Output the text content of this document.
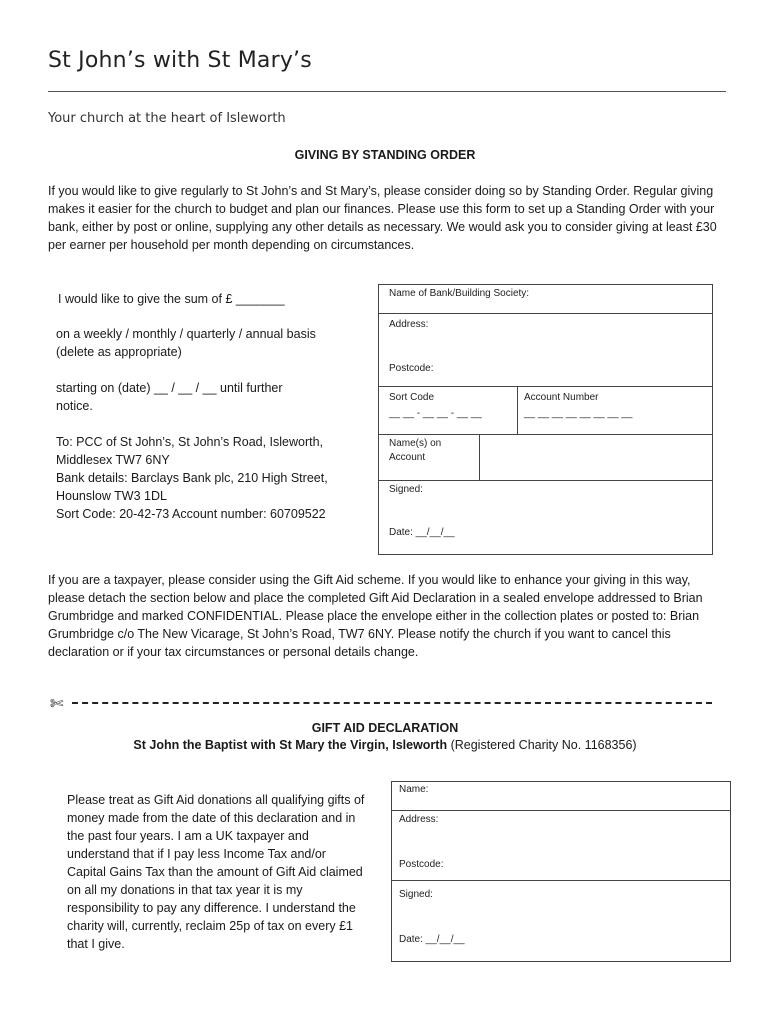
St John’s with St Mary’s
Your church at the heart of Isleworth
GIVING BY STANDING ORDER
If you would like to give regularly to St John’s and St Mary’s, please consider doing so by Standing Order. Regular giving makes it easier for the church to budget and plan our finances. Please use this form to set up a Standing Order with your bank, either by post or online, supplying any other details as necessary. We would ask you to consider giving at least £30 per earner per household per month depending on circumstances.
I would like to give the sum of £ _______
on a weekly / monthly / quarterly / annual basis
(delete as appropriate)
starting on (date) __ / __ / __ until further
notice.
To: PCC of St John’s, St John’s Road, Isleworth,
Middlesex TW7 6NY
Bank details: Barclays Bank plc, 210 High Street,
Hounslow TW3 1DL
Sort Code: 20-42-73 Account number: 60709522
Name of Bank/Building Society:
Address:
Postcode:
Sort Code
__ __ - __ __ - __ __
Account Number
__ __ __ __ __ __ __ __
Name(s) on
Account
Signed:
Date: __/__/__
If you are a taxpayer, please consider using the Gift Aid scheme. If you would like to enhance your giving in this way, please detach the section below and place the completed Gift Aid Declaration in a sealed envelope addressed to Brian Grumbridge and marked CONFIDENTIAL. Please place the envelope either in the collection plates or posted to: Brian Grumbridge c/o The New Vicarage, St John’s Road, TW7 6NY. Please notify the church if you want to cancel this declaration or if your tax circumstances or personal details change.
✄
GIFT AID DECLARATION
St John the Baptist with St Mary the Virgin, Isleworth (Registered Charity No. 1168356)
Please treat as Gift Aid donations all qualifying gifts of money made from the date of this declaration and in the past four years. I am a UK taxpayer and understand that if I pay less Income Tax and/or Capital Gains Tax than the amount of Gift Aid claimed on all my donations in that tax year it is my responsibility to pay any difference. I understand the charity will, currently, reclaim 25p of tax on every £1 that I give.
Name:
Address:
Postcode:
Signed:
Date: __/__/__
